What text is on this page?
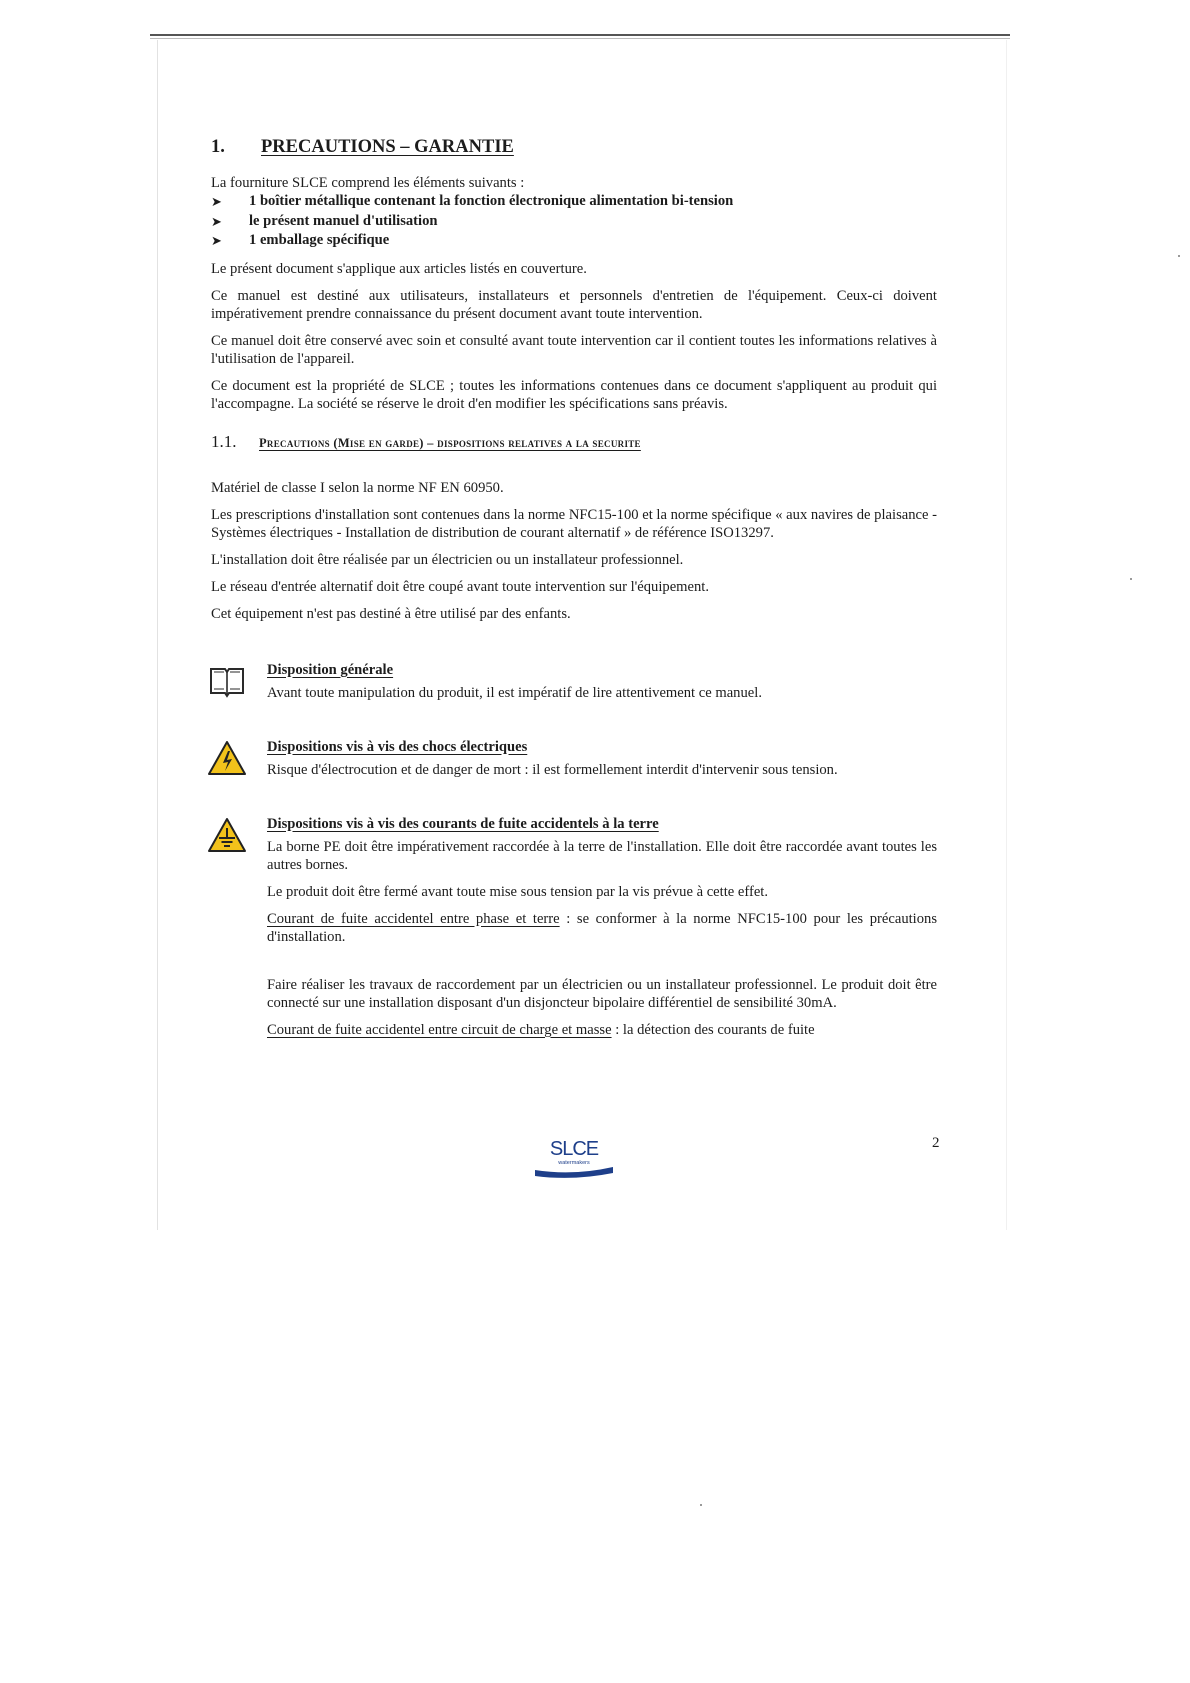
1.	PRECAUTIONS – GARANTIE

La fourniture SLCE comprend les éléments suivants :

➤	1 boîtier métallique contenant la fonction électronique alimentation bi-tension
➤	le présent manuel d'utilisation
➤	1 emballage spécifique

Le présent document s'applique aux articles listés en couverture.

Ce manuel est destiné aux utilisateurs, installateurs et personnels d'entretien de l'équipement. Ceux-ci doivent impérativement prendre connaissance du présent document avant toute intervention.

Ce manuel doit être conservé avec soin et consulté avant toute intervention car il contient toutes les informations relatives à l'utilisation de l'appareil.

Ce document est la propriété de SLCE ; toutes les informations contenues dans ce document s'appliquent au produit qui l'accompagne. La société se réserve le droit d'en modifier les spécifications sans préavis.

1.1.	Precautions (Mise en garde) – dispositions relatives a la securite

Matériel de classe I selon la norme NF EN 60950.

Les prescriptions d'installation sont contenues dans la norme NFC15-100 et la norme spécifique « aux navires de plaisance - Systèmes électriques - Installation de distribution de courant alternatif » de référence ISO13297.

L'installation doit être réalisée par un électricien ou un installateur professionnel.

Le réseau d'entrée alternatif doit être coupé avant toute intervention sur l'équipement.

Cet équipement n'est pas destiné à être utilisé par des enfants.

Disposition générale

Avant toute manipulation du produit, il est impératif de lire attentivement ce manuel.

Dispositions vis à vis des chocs électriques

Risque d'électrocution et de danger de mort : il est formellement interdit d'intervenir sous tension.

Dispositions vis à vis des courants de fuite accidentels à la terre

La borne PE doit être impérativement raccordée à la terre de l'installation. Elle doit être raccordée avant toutes les autres bornes.

Le produit doit être fermé avant toute mise sous tension par la vis prévue à cette effet.

Courant de fuite accidentel entre phase et terre : se conformer à la norme NFC15-100 pour les précautions d'installation.

Faire réaliser les travaux de raccordement par un électricien ou un installateur professionnel. Le produit doit être connecté sur une installation disposant d'un disjoncteur bipolaire différentiel de sensibilité 30mA.

Courant de fuite accidentel entre circuit de charge et masse : la détection des courants de fuite

SLCE
watermakers
2
